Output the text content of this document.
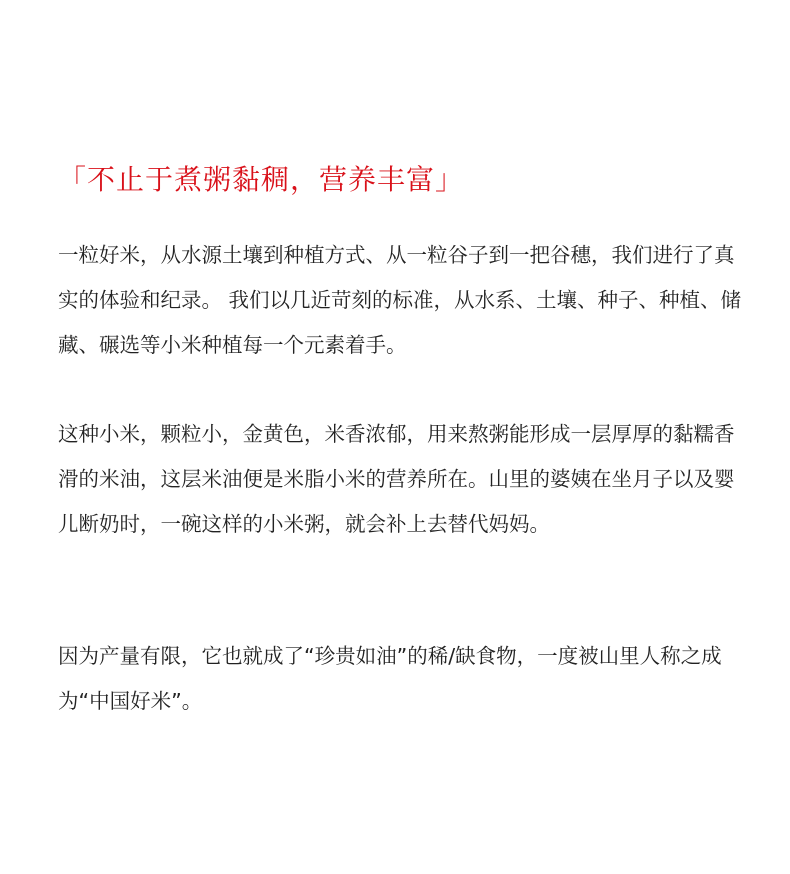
「不止于煮粥黏稠，营养丰富」

一粒好米，从水源土壤到种植方式、从一粒谷子到一把谷穗，我们进行了真实的体验和纪录。 我们以几近苛刻的标准，从水系、土壤、种子、种植、储藏、碾选等小米种植每一个元素着手。

这种小米，颗粒小，金黄色，米香浓郁，用来熬粥能形成一层厚厚的黏糯香滑的米油，这层米油便是米脂小米的营养所在。山里的婆姨在坐月子以及婴儿断奶时，一碗这样的小米粥，就会补上去替代妈妈。

因为产量有限，它也就成了“珍贵如油”的稀/缺食物，一度被山里人称之成为“中国好米”。
